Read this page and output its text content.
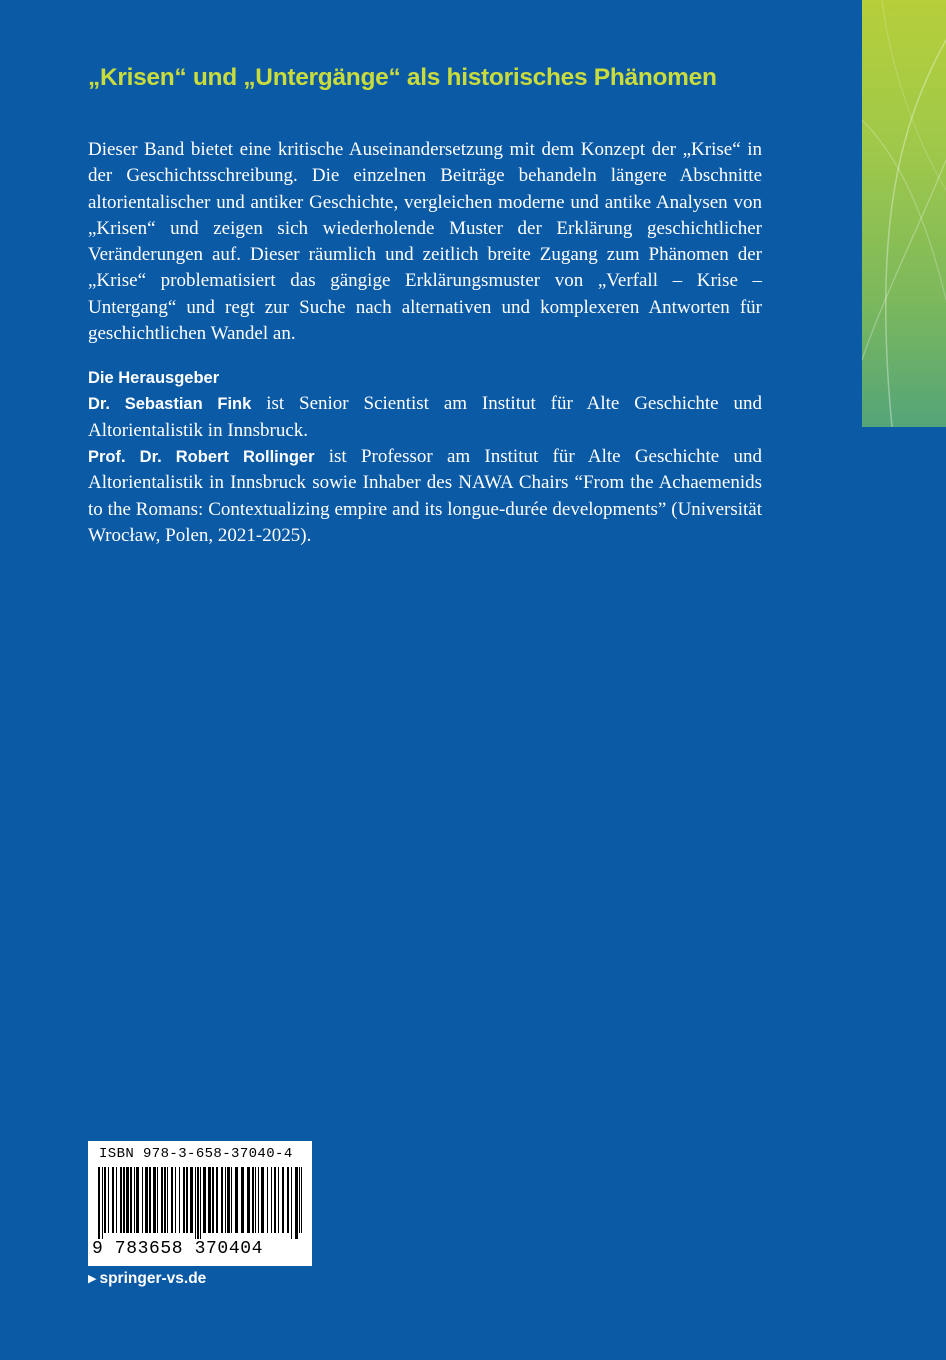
„Krisen“ und „Untergänge“ als historisches Phänomen

Dieser Band bietet eine kritische Auseinandersetzung mit dem Konzept der „Krise“ in der Geschichtsschreibung. Die einzelnen Beiträge behandeln längere Abschnitte altorientalischer und antiker Geschichte, vergleichen moderne und antike Analysen von „Krisen“ und zeigen sich wiederholende Muster der Erklärung geschichtlicher Veränderungen auf. Dieser räumlich und zeitlich breite Zugang zum Phänomen der „Krise“ problematisiert das gängige Erklärungsmuster von „Verfall – Krise – Untergang“ und regt zur Suche nach alternativen und komplexeren Antworten für geschichtlichen Wandel an.

Die Herausgeber

Dr. Sebastian Fink ist Senior Scientist am Institut für Alte Geschichte und Altorientalistik in Innsbruck.

Prof. Dr. Robert Rollinger ist Professor am Institut für Alte Geschichte und Altorientalistik in Innsbruck sowie Inhaber des NAWA Chairs “From the Achaemenids to the Romans: Contextualizing empire and its longue-durée developments” (Universität Wrocław, Polen, 2021-2025).

ISBN 978-3-658-37040-4
9 783658 370404
▶ springer-vs.de
